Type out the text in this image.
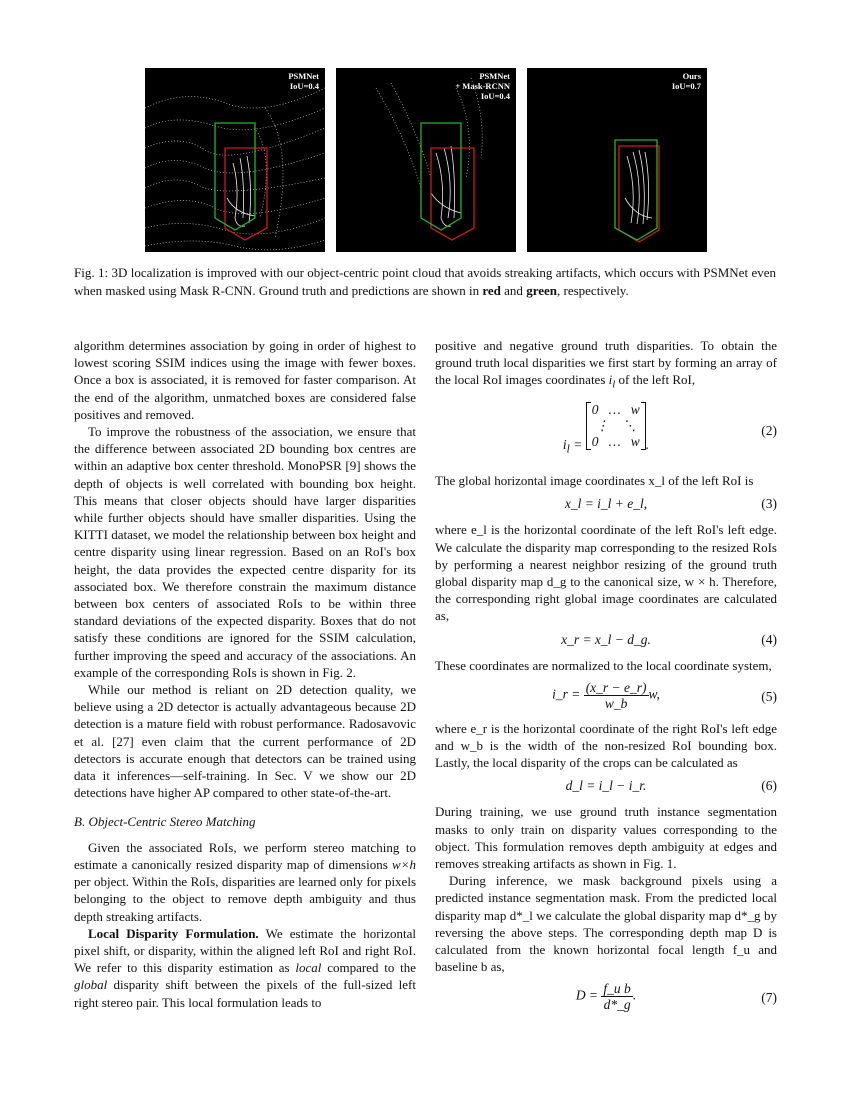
PSMNet
IoU=0.4
PSMNet
+ Mask-RCNN
IoU=0.4
Ours
IoU=0.7
Fig. 1: 3D localization is improved with our object-centric point cloud that avoids streaking artifacts, which occurs with PSMNet even when masked using Mask R-CNN. Ground truth and predictions are shown in red and green, respectively.

algorithm determines association by going in order of highest to lowest scoring SSIM indices using the image with fewer boxes. Once a box is associated, it is removed for faster comparison. At the end of the algorithm, unmatched boxes are considered false positives and removed.

To improve the robustness of the association, we ensure that the difference between associated 2D bounding box centres are within an adaptive box center threshold. MonoPSR [9] shows the depth of objects is well correlated with bounding box height. This means that closer objects should have larger disparities while further objects should have smaller disparities. Using the KITTI dataset, we model the relationship between box height and centre disparity using linear regression. Based on an RoI's box height, the data provides the expected centre disparity for its associated box. We therefore constrain the maximum distance between box centers of associated RoIs to be within three standard deviations of the expected disparity. Boxes that do not satisfy these conditions are ignored for the SSIM calculation, further improving the speed and accuracy of the associations. An example of the corresponding RoIs is shown in Fig. 2.

While our method is reliant on 2D detection quality, we believe using a 2D detector is actually advantageous because 2D detection is a mature field with robust performance. Radosavovic et al. [27] even claim that the current performance of 2D detectors is accurate enough that detectors can be trained using data it inferences—self-training. In Sec. V we show our 2D detections have higher AP compared to other state-of-the-art.

B. Object-Centric Stereo Matching

Given the associated RoIs, we perform stereo matching to estimate a canonically resized disparity map of dimensions w×h per object. Within the RoIs, disparities are learned only for pixels belonging to the object to remove depth ambiguity and thus depth streaking artifacts.

Local Disparity Formulation. We estimate the horizontal pixel shift, or disparity, within the aligned left RoI and right RoI. We refer to this disparity estimation as local compared to the global disparity shift between the pixels of the full-sized left right stereo pair. This local formulation leads to

positive and negative ground truth disparities. To obtain the ground truth local disparities we first start by forming an array of the local RoI images coordinates $i_l$ of the left RoI,

$i_l$ =
0   …   w
⋮    ⋱
0   …   w .
(2)

The global horizontal image coordinates x_l of the left RoI is

x_l = i_l + e_l,	(3)

where e_l is the horizontal coordinate of the left RoI's left edge. We calculate the disparity map corresponding to the resized RoIs by performing a nearest neighbor resizing of the ground truth global disparity map d_g to the canonical size, w × h. Therefore, the corresponding right global image coordinates are calculated as,

x_r = x_l − d_g.	(4)

These coordinates are normalized to the local coordinate system,

i_r = $\frac{(x\_r - e\_r)}{w\_b} w$,	(5)

where e_r is the horizontal coordinate of the right RoI's left edge and w_b is the width of the non-resized RoI bounding box. Lastly, the local disparity of the crops can be calculated as

d_l = i_l − i_r.	(6)

During training, we use ground truth instance segmentation masks to only train on disparity values corresponding to the object. This formulation removes depth ambiguity at edges and removes streaking artifacts as shown in Fig. 1.

During inference, we mask background pixels using a predicted instance segmentation mask. From the predicted local disparity map d*_l we calculate the global disparity map d*_g by reversing the above steps. The corresponding depth map D is calculated from the known horizontal focal length f_u and baseline b as,

$D = \frac{\text{f\_u b}}{d*\_g}$ .	(7)
